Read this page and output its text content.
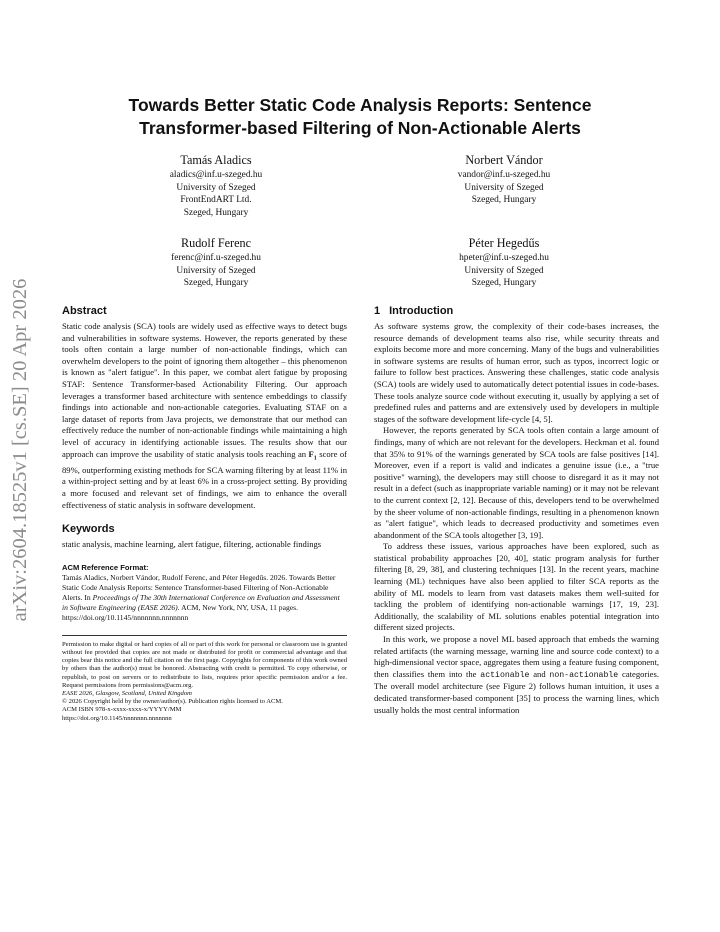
arXiv:2604.18525v1 [cs.SE] 20 Apr 2026
Towards Better Static Code Analysis Reports: Sentence
Transformer-based Filtering of Non-Actionable Alerts
Tamás Aladics
aladics@inf.u-szeged.hu
University of Szeged
FrontEndART Ltd.
Szeged, Hungary
Norbert Vándor
vandor@inf.u-szeged.hu
University of Szeged
Szeged, Hungary
Rudolf Ferenc
ferenc@inf.u-szeged.hu
University of Szeged
Szeged, Hungary
Péter Hegedűs
hpeter@inf.u-szeged.hu
University of Szeged
Szeged, Hungary
Abstract

Static code analysis (SCA) tools are widely used as effective ways to detect bugs and vulnerabilities in software systems. However, the reports generated by these tools often contain a large number of non-actionable findings, which can overwhelm developers to the point of ignoring them altogether – this phenomenon is known as "alert fatigue". In this paper, we combat alert fatigue by proposing STAF: Sentence Transformer-based Actionability Filtering. Our approach leverages a transformer based architecture with sentence embeddings to classify findings into actionable and non-actionable categories. Evaluating STAF on a large dataset of reports from Java projects, we demonstrate that our method can effectively reduce the number of non-actionable findings while maintaining a high level of accuracy in identifying actionable issues. The results show that our approach can improve the usability of static analysis tools reaching an $F_1$ score of 89%, outperforming existing methods for SCA warning filtering by at least 11% in a within-project setting and by at least 6% in a cross-project setting. By providing a more focused and relevant set of findings, we aim to enhance the overall effectiveness of static analysis in software development.

Keywords

static analysis, machine learning, alert fatigue, filtering, actionable findings

ACM Reference Format:

Tamás Aladics, Norbert Vándor, Rudolf Ferenc, and Péter Hegedűs. 2026. Towards Better Static Code Analysis Reports: Sentence Transformer-based Filtering of Non-Actionable Alerts. In Proceedings of The 30th International Conference on Evaluation and Assessment in Software Engineering (EASE 2026). ACM, New York, NY, USA, 11 pages. https://doi.org/10.1145/nnnnnnn.nnnnnnn

Permission to make digital or hard copies of all or part of this work for personal or classroom use is granted without fee provided that copies are not made or distributed for profit or commercial advantage and that copies bear this notice and the full citation on the first page. Copyrights for components of this work owned by others than the author(s) must be honored. Abstracting with credit is permitted. To copy otherwise, or republish, to post on servers or to redistribute to lists, requires prior specific permission and/or a fee. Request permissions from permissions@acm.org.
EASE 2026, Glasgow, Scotland, United Kingdom
© 2026 Copyright held by the owner/author(s). Publication rights licensed to ACM.
ACM ISBN 978-x-xxxx-xxxx-x/YYYY/MM
https://doi.org/10.1145/nnnnnnn.nnnnnnn
1 Introduction

As software systems grow, the complexity of their code-bases increases, the resource demands of development teams also rise, while security threats and exploits become more and more concerning. Many of the bugs and vulnerabilities in software systems are results of human error, such as typos, incorrect logic or failure to follow best practices. Answering these challenges, static code analysis (SCA) tools are widely used to automatically detect potential issues in code-bases. These tools analyze source code without executing it, usually by applying a set of predefined rules and patterns and are extensively used by developers in multiple stages of the software development life-cycle [4, 5].

However, the reports generated by SCA tools often contain a large amount of findings, many of which are not relevant for the developers. Heckman et al. found that 35% to 91% of the warnings generated by SCA tools are false positives [14]. Moreover, even if a report is valid and indicates a genuine issue (i.e., a "true positive" warning), the developers may still choose to disregard it as it may not result in a defect (such as inappropriate variable naming) or it may not be relevant to the current context [2, 12]. Because of this, developers tend to be overwhelmed by the sheer volume of non-actionable findings, resulting in a phenomenon known as "alert fatigue", which leads to decreased productivity and sometimes even abandonment of the SCA tools altogether [3, 19].

To address these issues, various approaches have been explored, such as statistical probability approaches [20, 40], static program analysis for further filtering [8, 29, 38], and clustering techniques [13]. In the recent years, machine learning (ML) techniques have also been applied to filter SCA reports as the ability of ML models to learn from vast datasets makes them well-suited for tackling the problem of identifying non-actionable warnings [17, 19, 23]. Additionally, the scalability of ML solutions enables potential integration into different sized projects.

In this work, we propose a novel ML based approach that embeds the warning related artifacts (the warning message, warning line and source code context) to a high-dimensional vector space, aggregates them using a feature fusing component, then classifies them into the actionable and non-actionable categories. The overall model architecture (see Figure 2) follows human intuition, it uses a dedicated transformer-based component [35] to process the warning lines, which usually holds the most central information
